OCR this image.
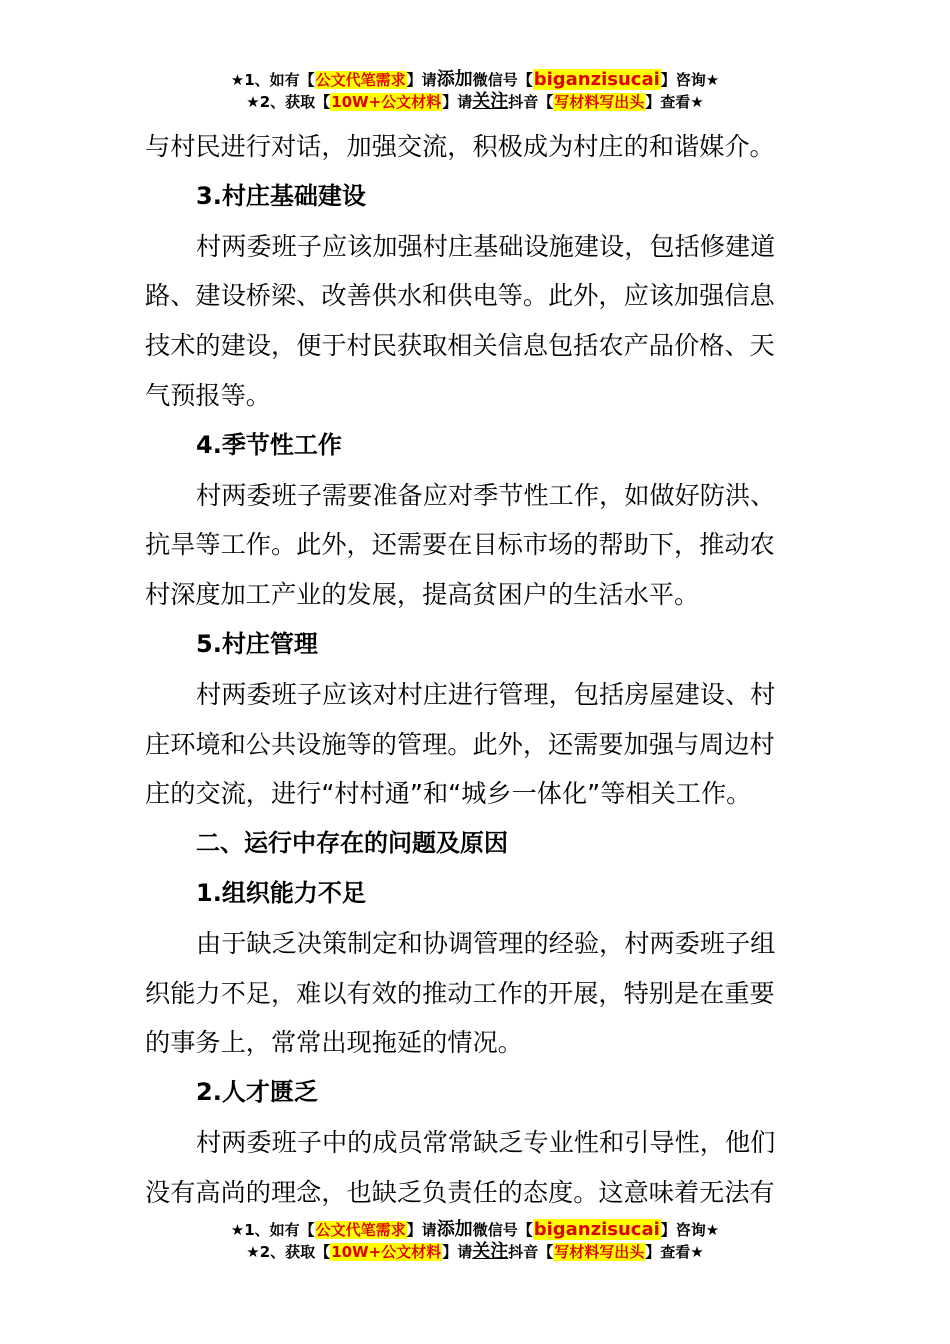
★1、如有【公文代笔需求】请添加微信号【biganzisucai】咨询★
★2、获取【10W+公文材料】请关注抖音【写材料写出头】查看★
与村民进行对话，加强交流，积极成为村庄的和谐媒介。
3.村庄基础建设
村两委班子应该加强村庄基础设施建设，包括修建道
路、建设桥梁、改善供水和供电等。此外，应该加强信息
技术的建设，便于村民获取相关信息包括农产品价格、天
气预报等。
4.季节性工作
村两委班子需要准备应对季节性工作，如做好防洪、
抗旱等工作。此外，还需要在目标市场的帮助下，推动农
村深度加工产业的发展，提高贫困户的生活水平。
5.村庄管理
村两委班子应该对村庄进行管理，包括房屋建设、村
庄环境和公共设施等的管理。此外，还需要加强与周边村
庄的交流，进行“村村通”和“城乡一体化”等相关工作。
二、运行中存在的问题及原因
1.组织能力不足
由于缺乏决策制定和协调管理的经验，村两委班子组
织能力不足，难以有效的推动工作的开展，特别是在重要
的事务上，常常出现拖延的情况。
2.人才匮乏
村两委班子中的成员常常缺乏专业性和引导性，他们
没有高尚的理念，也缺乏负责任的态度。这意味着无法有
★1、如有【公文代笔需求】请添加微信号【biganzisucai】咨询★
★2、获取【10W+公文材料】请关注抖音【写材料写出头】查看★
